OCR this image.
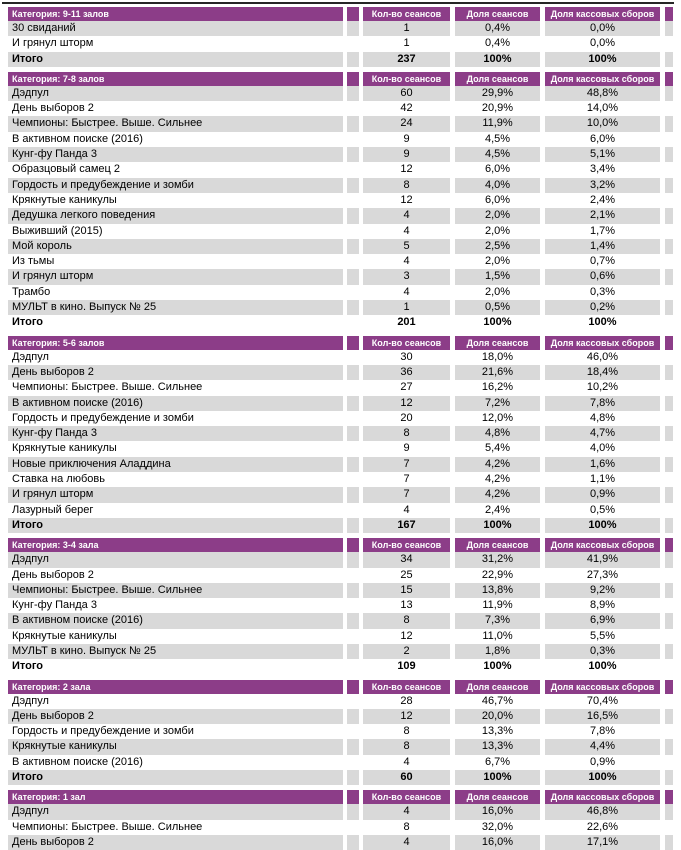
Категория: 9-11 залов	Кол-во сеансов	Доля сеансов	Доля кассовых сборов
30 свиданий	1	0,4%	0,0%
И грянул шторм	1	0,4%	0,0%
Итого	237	100%	100%
Категория: 7-8 залов	Кол-во сеансов	Доля сеансов	Доля кассовых сборов
Дэдпул	60	29,9%	48,8%
День выборов 2	42	20,9%	14,0%
Чемпионы: Быстрее. Выше. Сильнее	24	11,9%	10,0%
В активном поиске (2016)	9	4,5%	6,0%
Кунг-фу Панда 3	9	4,5%	5,1%
Образцовый самец 2	12	6,0%	3,4%
Гордость и предубеждение и зомби	8	4,0%	3,2%
Крякнутые каникулы	12	6,0%	2,4%
Дедушка легкого поведения	4	2,0%	2,1%
Выживший (2015)	4	2,0%	1,7%
Мой король	5	2,5%	1,4%
Из тьмы	4	2,0%	0,7%
И грянул шторм	3	1,5%	0,6%
Трамбо	4	2,0%	0,3%
МУЛЬТ в кино. Выпуск № 25	1	0,5%	0,2%
Итого	201	100%	100%
Категория: 5-6 залов	Кол-во сеансов	Доля сеансов	Доля кассовых сборов
Дэдпул	30	18,0%	46,0%
День выборов 2	36	21,6%	18,4%
Чемпионы: Быстрее. Выше. Сильнее	27	16,2%	10,2%
В активном поиске (2016)	12	7,2%	7,8%
Гордость и предубеждение и зомби	20	12,0%	4,8%
Кунг-фу Панда 3	8	4,8%	4,7%
Крякнутые каникулы	9	5,4%	4,0%
Новые приключения Аладдина	7	4,2%	1,6%
Ставка на любовь	7	4,2%	1,1%
И грянул шторм	7	4,2%	0,9%
Лазурный берег	4	2,4%	0,5%
Итого	167	100%	100%
Категория: 3-4 зала	Кол-во сеансов	Доля сеансов	Доля кассовых сборов
Дэдпул	34	31,2%	41,9%
День выборов 2	25	22,9%	27,3%
Чемпионы: Быстрее. Выше. Сильнее	15	13,8%	9,2%
Кунг-фу Панда 3	13	11,9%	8,9%
В активном поиске (2016)	8	7,3%	6,9%
Крякнутые каникулы	12	11,0%	5,5%
МУЛЬТ в кино. Выпуск № 25	2	1,8%	0,3%
Итого	109	100%	100%
Категория: 2 зала	Кол-во сеансов	Доля сеансов	Доля кассовых сборов
Дэдпул	28	46,7%	70,4%
День выборов 2	12	20,0%	16,5%
Гордость и предубеждение и зомби	8	13,3%	7,8%
Крякнутые каникулы	8	13,3%	4,4%
В активном поиске (2016)	4	6,7%	0,9%
Итого	60	100%	100%
Категория: 1 зал	Кол-во сеансов	Доля сеансов	Доля кассовых сборов
Дэдпул	4	16,0%	46,8%
Чемпионы: Быстрее. Выше. Сильнее	8	32,0%	22,6%
День выборов 2	4	16,0%	17,1%
